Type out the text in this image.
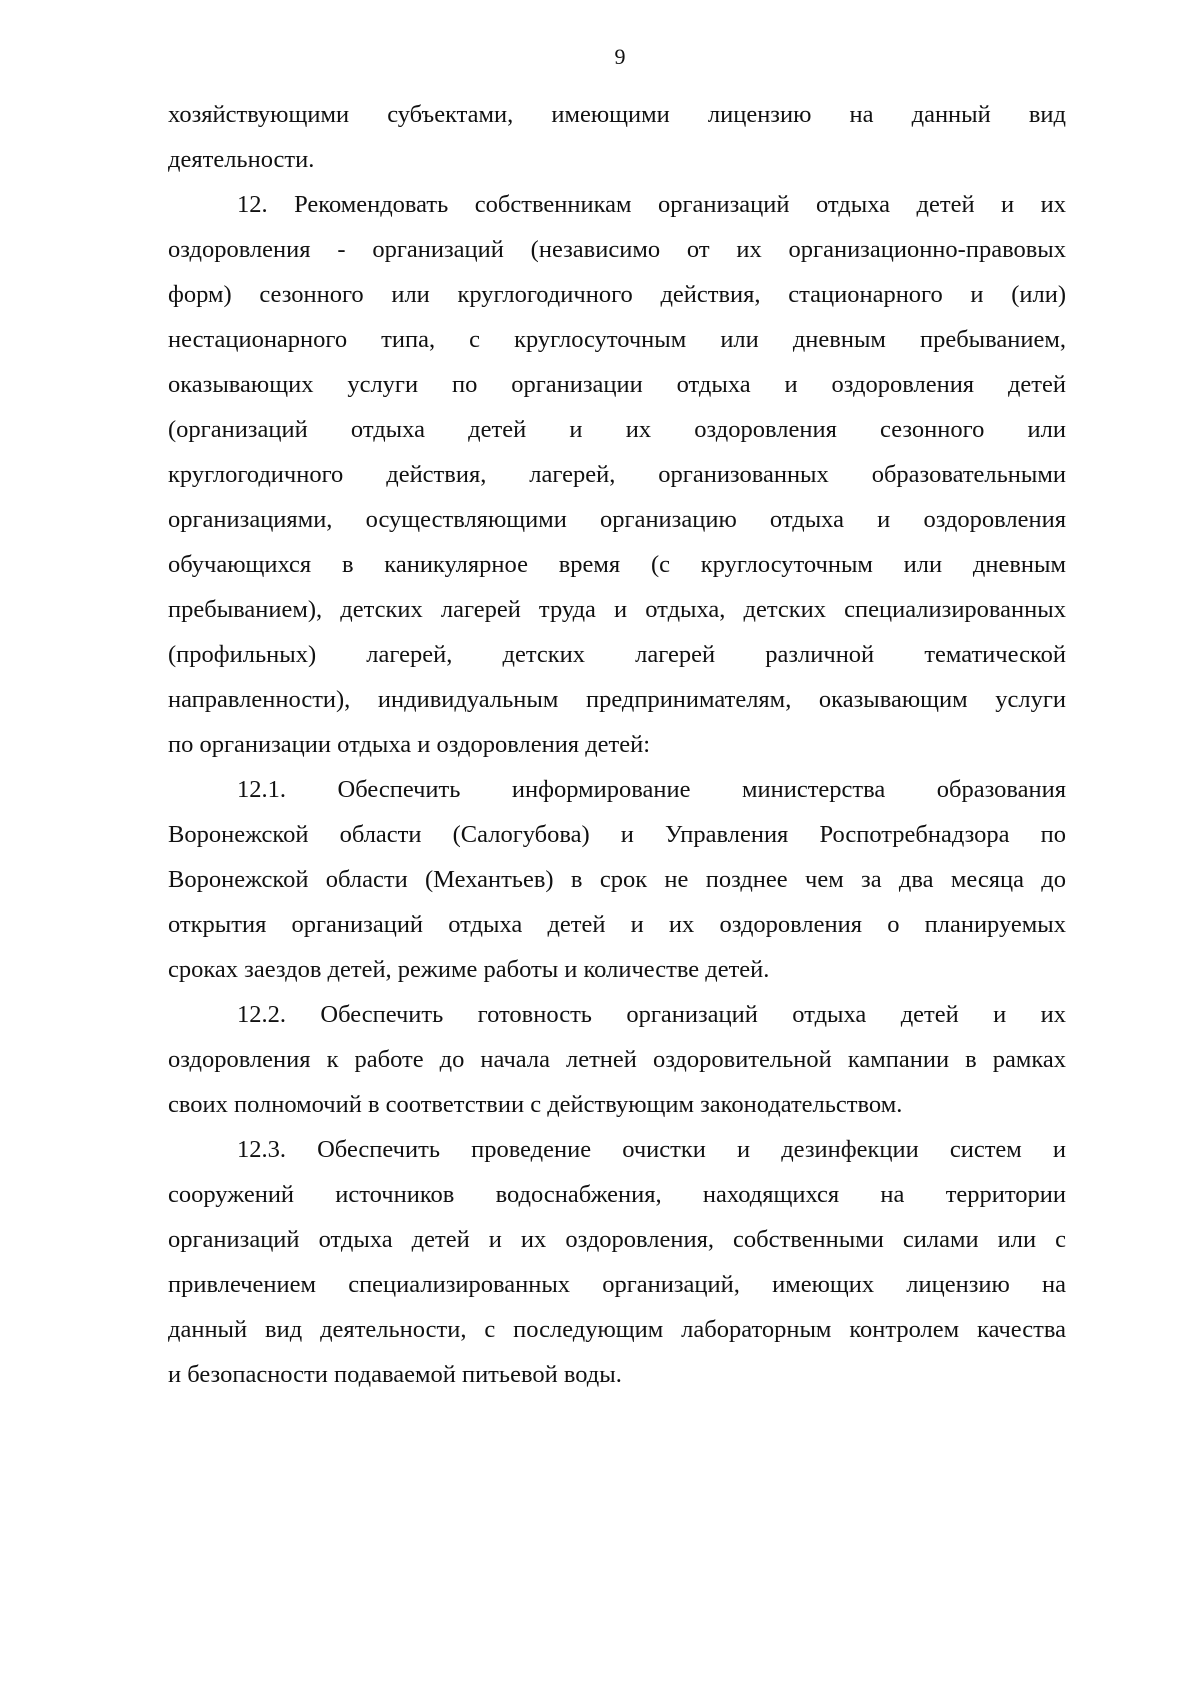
9
хозяйствующими субъектами, имеющими лицензию на данный вид
деятельности.
12. Рекомендовать собственникам организаций отдыха детей и их
оздоровления - организаций (независимо от их организационно-правовых
форм) сезонного или круглогодичного действия, стационарного и (или)
нестационарного типа, с круглосуточным или дневным пребыванием,
оказывающих услуги по организации отдыха и оздоровления детей
(организаций отдыха детей и их оздоровления сезонного или
круглогодичного действия, лагерей, организованных образовательными
организациями, осуществляющими организацию отдыха и оздоровления
обучающихся в каникулярное время (с круглосуточным или дневным
пребыванием), детских лагерей труда и отдыха, детских специализированных
(профильных) лагерей, детских лагерей различной тематической
направленности), индивидуальным предпринимателям, оказывающим услуги
по организации отдыха и оздоровления детей:
12.1. Обеспечить информирование министерства образования
Воронежской области (Салогубова) и Управления Роспотребнадзора по
Воронежской области (Механтьев) в срок не позднее чем за два месяца до
открытия организаций отдыха детей и их оздоровления о планируемых
сроках заездов детей, режиме работы и количестве детей.
12.2. Обеспечить готовность организаций отдыха детей и их
оздоровления к работе до начала летней оздоровительной кампании в рамках
своих полномочий в соответствии с действующим законодательством.
12.3. Обеспечить проведение очистки и дезинфекции систем и
сооружений источников водоснабжения, находящихся на территории
организаций отдыха детей и их оздоровления, собственными силами или с
привлечением специализированных организаций, имеющих лицензию на
данный вид деятельности, с последующим лабораторным контролем качества
и безопасности подаваемой питьевой воды.
